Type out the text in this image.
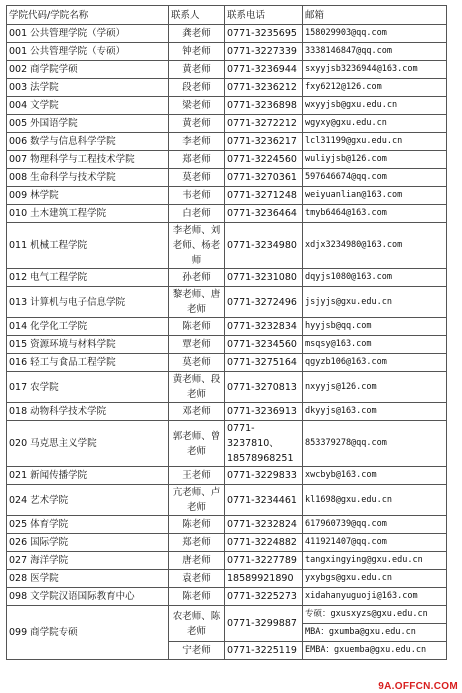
学院代码/学院名称	联系人	联系电话	邮箱
001 公共管理学院（学硕）	龚老师	0771-3235695	158029903@qq.com
001 公共管理学院（专硕）	钟老师	0771-3227339	3338146847@qq.com
002 商学院学硕	黄老师	0771-3236944	sxyyjsb3236944@163.com
003 法学院	段老师	0771-3236212	fxy6212@126.com
004 文学院	梁老师	0771-3236898	wxyyjsb@gxu.edu.cn
005 外国语学院	黄老师	0771-3272212	wgyxy@gxu.edu.cn
006 数学与信息科学学院	李老师	0771-3236217	lcl31199@gxu.edu.cn
007 物理科学与工程技术学院	郑老师	0771-3224560	wuliyjsb@126.com
008 生命科学与技术学院	莫老师	0771-3270361	597646674@qq.com
009 林学院	韦老师	0771-3271248	weiyuanlian@163.com
010 土木建筑工程学院	白老师	0771-3236464	tmyb6464@163.com
011 机械工程学院	李老师、刘老师、杨老师	0771-3234980	xdjx3234980@163.com
012 电气工程学院	孙老师	0771-3231080	dqyjs1080@163.com
013 计算机与电子信息学院	黎老师、唐老师	0771-3272496	jsjyjs@gxu.edu.cn
014 化学化工学院	陈老师	0771-3232834	hyyjsb@qq.com
015 资源环境与材料学院	覃老师	0771-3234560	msqsy@163.com
016 轻工与食品工程学院	莫老师	0771-3275164	qgyzb106@163.com
017 农学院	黄老师、段老师	0771-3270813	nxyyjs@126.com
018 动物科学技术学院	邓老师	0771-3236913	dkyyjs@163.com
020 马克思主义学院	郭老师、曾老师	0771-3237810、18578968251	853379278@qq.com
021 新闻传播学院	王老师	0771-3229833	xwcbyb@163.com
024 艺术学院	亢老师、卢老师	0771-3234461	kl1698@gxu.edu.cn
025 体育学院	陈老师	0771-3232824	617960739@qq.com
026 国际学院	郑老师	0771-3224882	411921407@qq.com
027 海洋学院	唐老师	0771-3227789	tangxingying@gxu.edu.cn
028 医学院	袁老师	18589921890	yxybgs@gxu.edu.cn
098 文学院汉语国际教育中心	陈老师	0771-3225273	xidahanyuguoji@163.com
099 商学院专硕	农老师、陈老师	0771-3299887	专硕：gxusxyzs@gxu.edu.cn
			MBA：gxumba@gxu.edu.cn
	宁老师	0771-3225119	EMBA：gxuemba@gxu.edu.cn
9A.OFFCN.COM
